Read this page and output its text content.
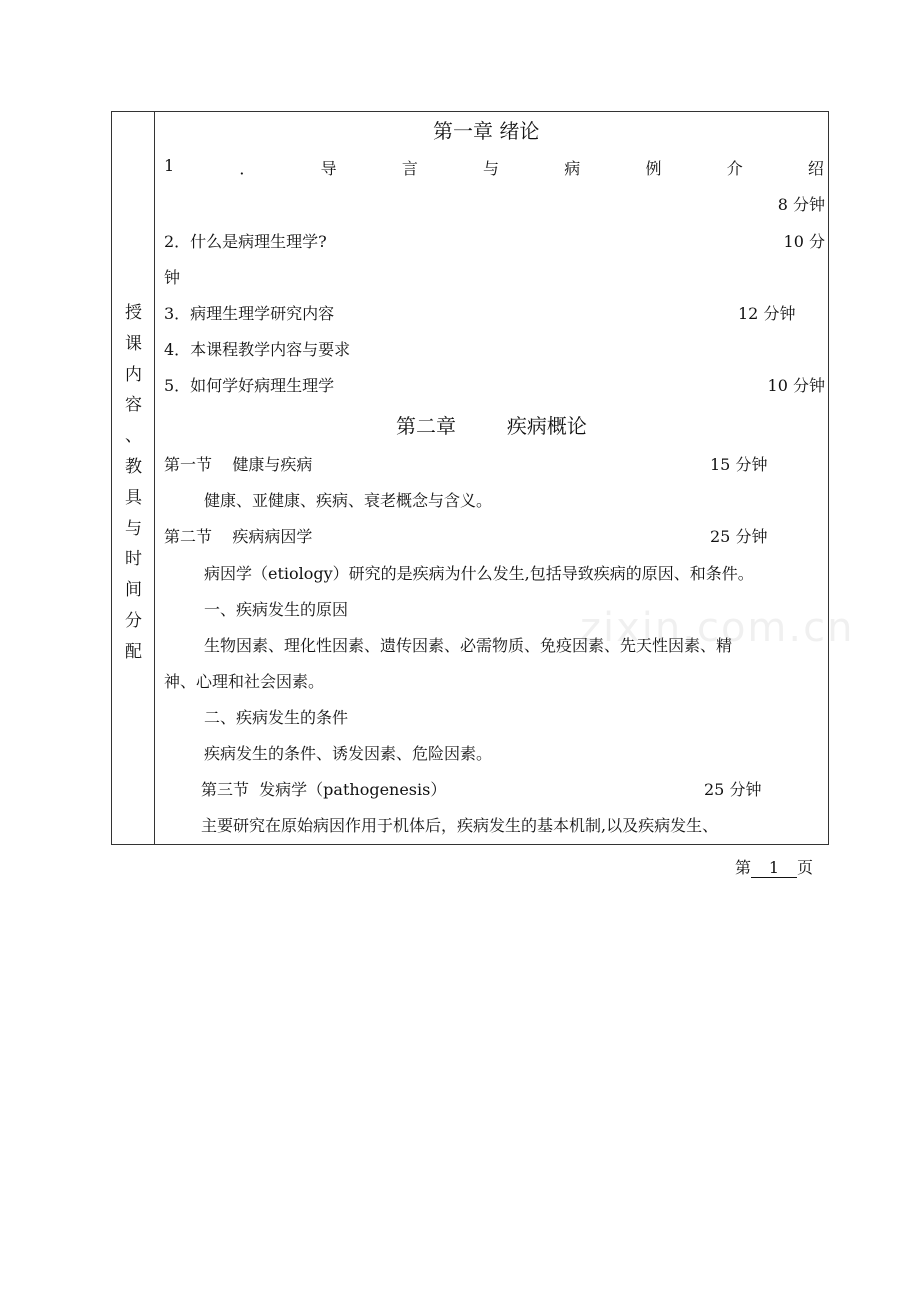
zixin.com.cn
授
课
内
容
、
教
具
与
时
间
分
配
第一章 绪论
1	．	导	言	与	病	例	介	绍
8 分钟
2．什么是病理生理学?	10 分
钟
3．病理生理学研究内容	12 分钟
4．本课程教学内容与要求
5．如何学好病理生理学	10 分钟
第二章        疾病概论
第一节    健康与疾病	15 分钟
健康、亚健康、疾病、衰老概念与含义。
第二节    疾病病因学	25 分钟
病因学（etiology）研究的是疾病为什么发生,包括导致疾病的原因、和条件。
一、疾病发生的原因
生物因素、理化性因素、遗传因素、必需物质、免疫因素、先天性因素、精
神、心理和社会因素。
二、疾病发生的条件
疾病发生的条件、诱发因素、危险因素。
第三节  发病学（pathogenesis）	25 分钟
主要研究在原始病因作用于机体后，疾病发生的基本机制,以及疾病发生、
第 1 页
